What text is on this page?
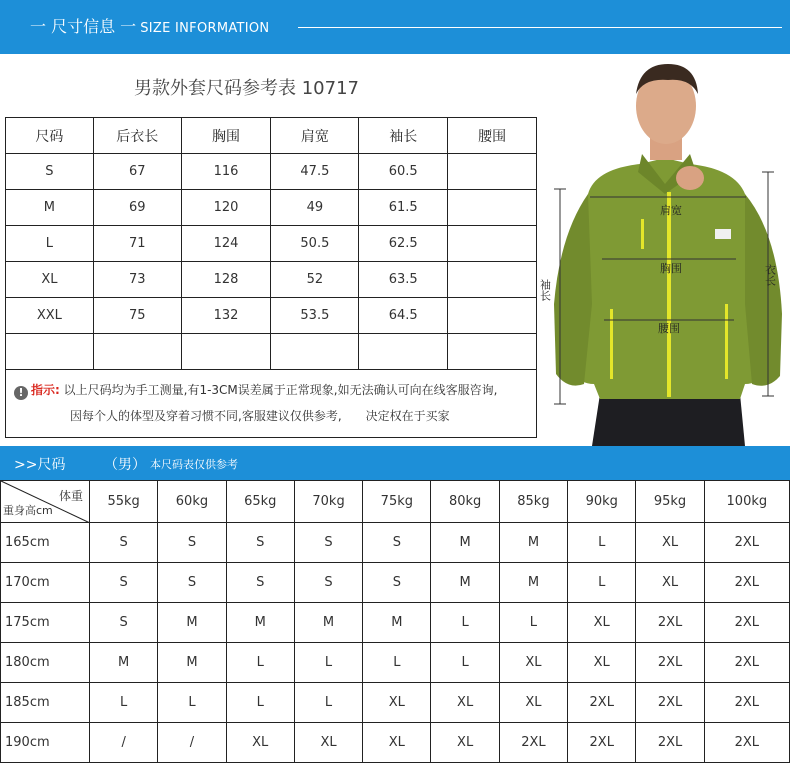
一 尺寸信息 一 SIZE INFORMATION
男款外套尺码参考表 10717
尺码	后衣长	胸围	肩宽	袖长	腰围
S	67	116	47.5	60.5	
M	69	120	49	61.5	
L	71	124	50.5	62.5	
XL	73	128	52	63.5	
XXL	75	132	53.5	64.5	

! 指示: 以上尺码均为手工测量,有1-3CM误差属于正常现象,如无法确认可向在线客服咨询,
因每个人的体型及穿着习惯不同,客服建议仅供参考,　　决定权在于买家
肩宽
胸围
腰围
袖长
衣长
>>尺码	（男） 本尺码表仅供参考
体重
重身高cm	55kg	60kg	65kg	70kg	75kg	80kg	85kg	90kg	95kg	100kg
165cm	S	S	S	S	S	M	M	L	XL	2XL
170cm	S	S	S	S	S	M	M	L	XL	2XL
175cm	S	M	M	M	M	L	L	XL	2XL	2XL
180cm	M	M	L	L	L	L	XL	XL	2XL	2XL
185cm	L	L	L	L	XL	XL	XL	2XL	2XL	2XL
190cm	/	/	XL	XL	XL	XL	2XL	2XL	2XL	2XL
